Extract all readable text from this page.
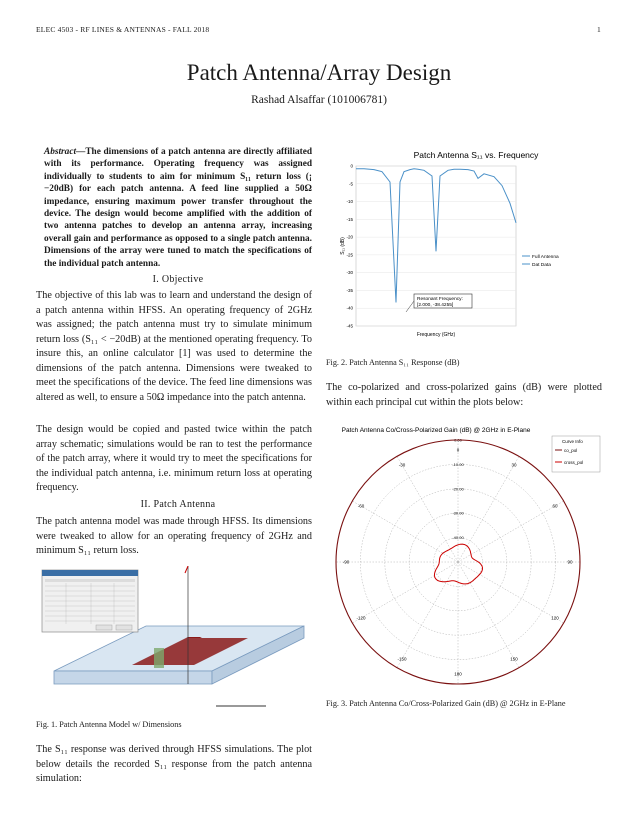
ELEC 4503 - RF LINES & ANTENNAS - FALL 2018	1
Patch Antenna/Array Design
Rashad Alsaffar (101006781)
Abstract—The dimensions of a patch antenna are directly affiliated with its performance. Operating frequency was assigned individually to students to aim for minimum S₁₁ return loss (¡ −20dB) for each patch antenna. A feed line supplied a 50Ω impedance, ensuring maximum power transfer throughout the device. The design would become amplified with the addition of two antenna patches to develop an antenna array, increasing overall gain and performance as opposed to a single patch antenna. Dimensions of the array were tuned to match the specifications of the individual patch antenna.
I. Objective
The objective of this lab was to learn and understand the design of a patch antenna within HFSS. An operating frequency of 2GHz was assigned; the patch antenna must try to simulate minimum return loss (S₁₁ < −20dB) at the mentioned operating frequency. To insure this, an online calculator [1] was used to determine the dimensions of the patch antenna. Dimensions were tweaked to meet the specifications of the device. The feed line dimensions was altered as well, to ensure a 50Ω impedance into the patch antenna.
The design would be copied and pasted twice within the patch array schematic; simulations would be ran to test the performance of the patch array, where it would try to meet the specifications for the individual patch antenna, i.e. minimum return loss at operating frequency.
II. Patch Antenna
The patch antenna model was made through HFSS. Its dimensions were tweaked to allow for an operating frequency of 2GHz and minimum S₁₁ return loss.
Fig. 1. Patch Antenna Model w/ Dimensions
The S₁₁ response was derived through HFSS simulations. The plot below details the recorded S₁₁ response from the patch antenna simulation:
Patch Antenna S₁₁ vs. Frequency
0
-5
-10
-15
-20
-25
-30
-35
-40
-45
S₁₁ (dB)
Frequency (GHz)
Resonant Frequency:
[2.000, -38.4255]
Full Antenna
Dat Data
Fig. 2. Patch Antenna S₁₁ Response (dB)
The co-polarized and cross-polarized gains (dB) were plotted within each principal cut within the plots below:
Patch Antenna Co/Cross-Polarized Gain (dB) @ 2GHz in E-Plane
0
30
60
90
120
150
180
-150
-120
-90
-60
-30
-40.00
-30.00
-20.00
-10.00
0.00	Curve Info
co_pol
cross_pol
Fig. 3. Patch Antenna Co/Cross-Polarized Gain (dB) @ 2GHz in E-Plane
